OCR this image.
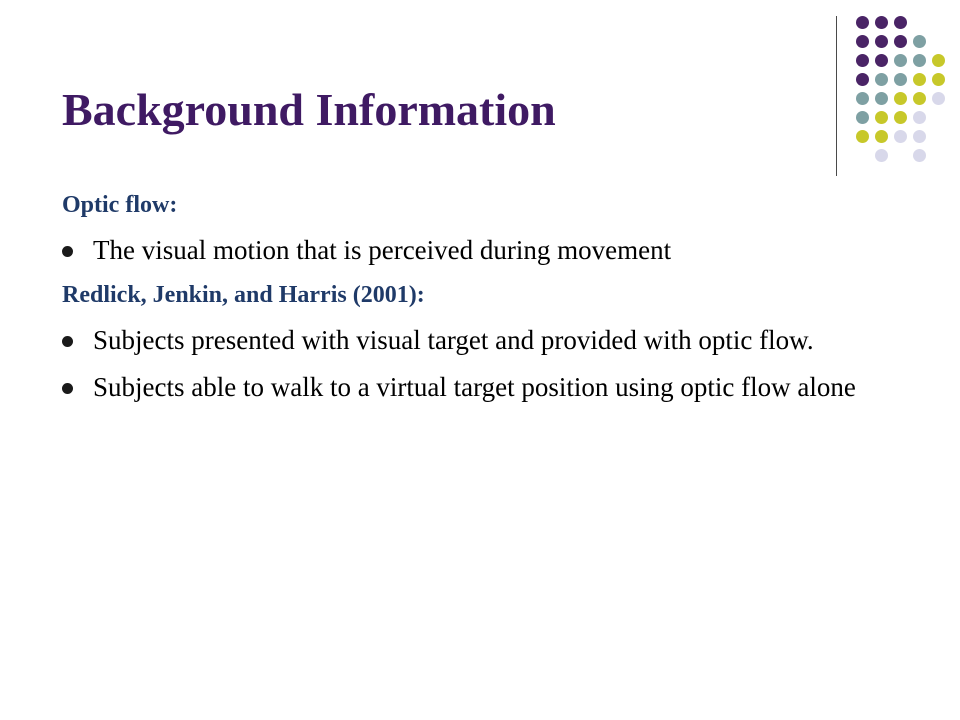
Background Information

Optic flow:

The visual motion that is perceived during movement

Redlick, Jenkin, and Harris (2001):

Subjects presented with visual target and provided with optic flow.
Subjects able to walk to a virtual target position using optic flow alone
